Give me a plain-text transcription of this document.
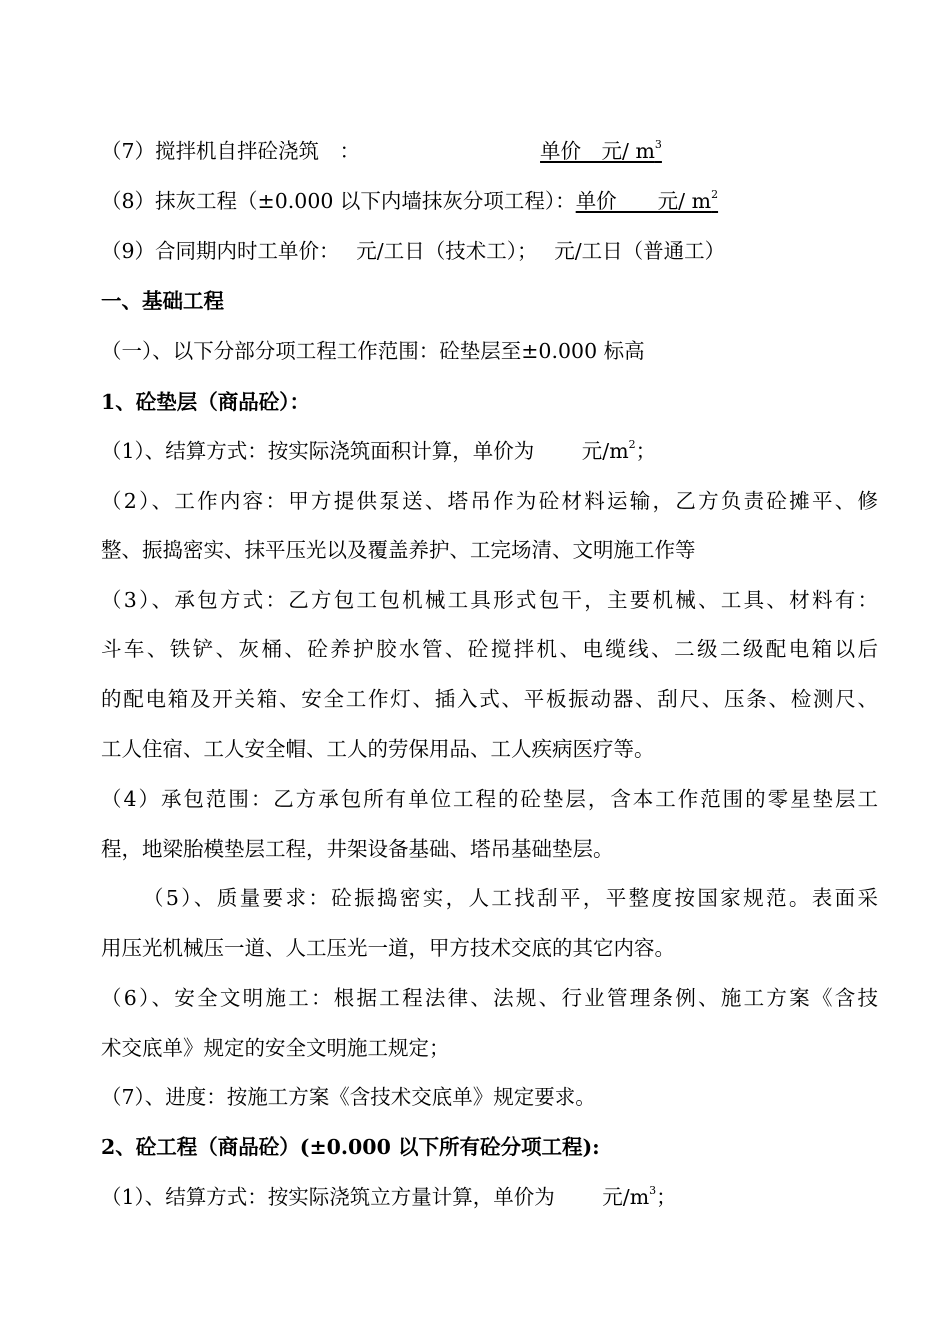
（7）搅拌机自拌砼浇筑　：	单价　元/ $m^3$
（8）抹灰工程（±0.000 以下内墙抹灰分项工程）：单价　　元/ $m^2$
（9）合同期内时工单价：　 元/工日（技术工）；　 元/工日（普通工）
一、基础工程
（一）、以下分部分项工程工作范围：砼垫层至±0.000 标高
1、砼垫层（商品砼）：
（1）、结算方式：按实际浇筑面积计算，单价为　　 元$/m^2$；
（2）、工作内容：甲方提供泵送、塔吊作为砼材料运输，乙方负责砼摊平、修
整、振捣密实、抹平压光以及覆盖养护、工完场清、文明施工作等
（3）、承包方式：乙方包工包机械工具形式包干，主要机械、工具、材料有：
斗车、铁铲、灰桶、砼养护胶水管、砼搅拌机、电缆线、二级二级配电箱以后
的配电箱及开关箱、安全工作灯、插入式、平板振动器、刮尺、压条、检测尺、
工人住宿、工人安全帽、工人的劳保用品、工人疾病医疗等。
（4）承包范围：乙方承包所有单位工程的砼垫层，含本工作范围的零星垫层工
程，地梁胎模垫层工程，井架设备基础、塔吊基础垫层。
（5）、质量要求：砼振捣密实，人工找刮平，平整度按国家规范。表面采
用压光机械压一道、人工压光一道，甲方技术交底的其它内容。
（6）、安全文明施工：根据工程法律、法规、行业管理条例、施工方案《含技
术交底单》规定的安全文明施工规定；
（7）、进度：按施工方案《含技术交底单》规定要求。
2、砼工程（商品砼）(±0.000 以下所有砼分项工程):
（1）、结算方式：按实际浇筑立方量计算，单价为　　 元$/m^3$；
